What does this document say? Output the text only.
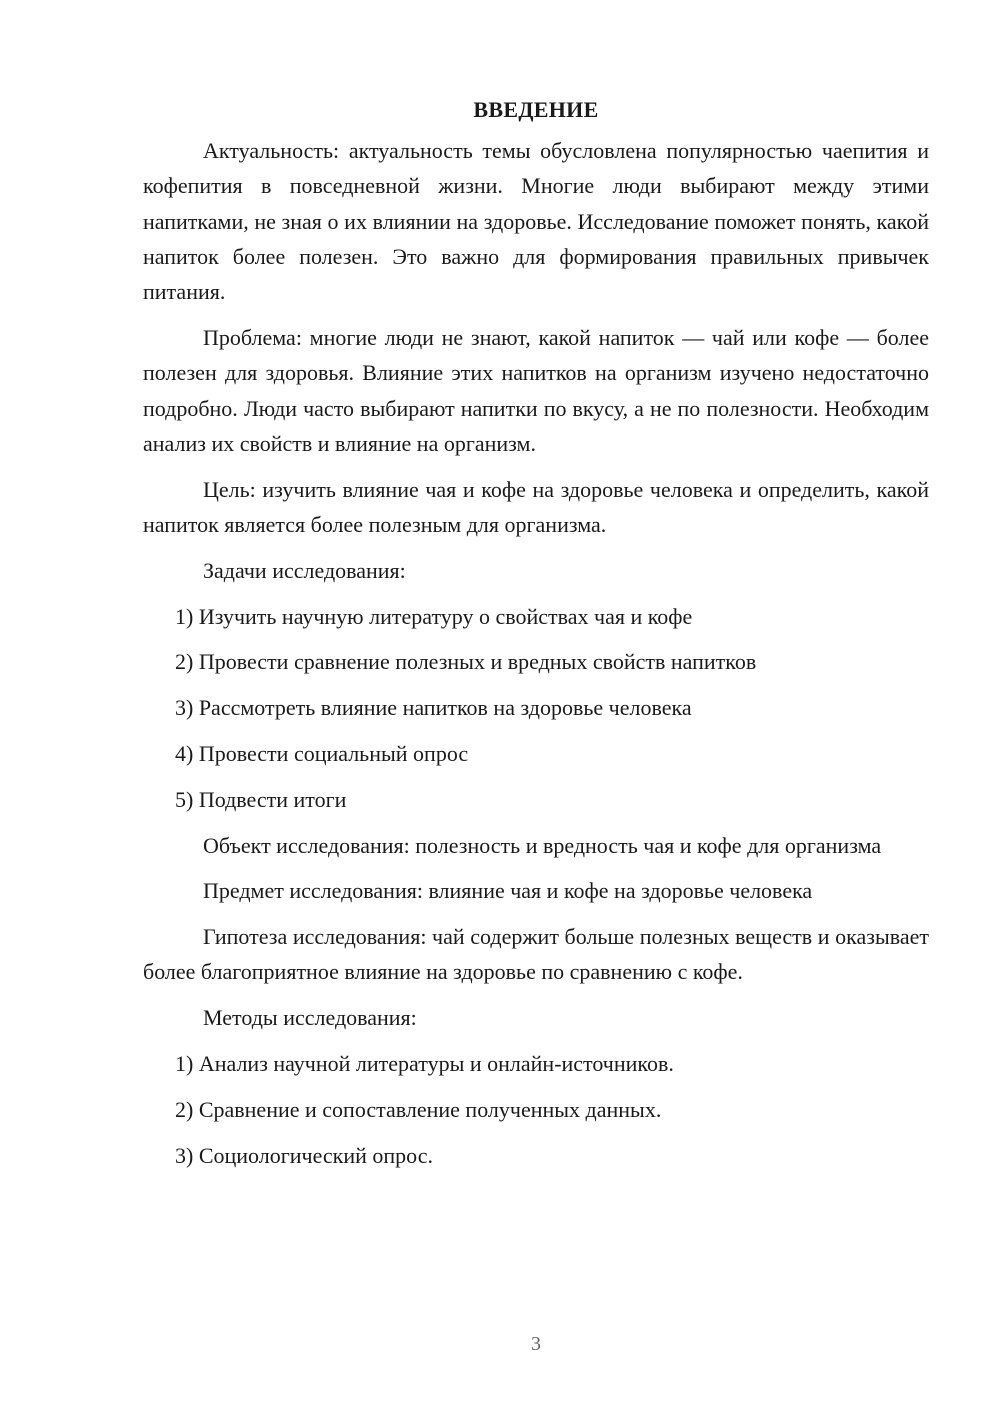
ВВЕДЕНИЕ

Актуальность: актуальность темы обусловлена популярностью чаепития и кофепития в повседневной жизни. Многие люди выбирают между этими напитками, не зная о их влиянии на здоровье. Исследование поможет понять, какой напиток более полезен. Это важно для формирования правильных привычек питания.

Проблема: многие люди не знают, какой напиток — чай или кофе — более полезен для здоровья. Влияние этих напитков на организм изучено недостаточно подробно. Люди часто выбирают напитки по вкусу, а не по полезности. Необходим анализ их свойств и влияние на организм.

Цель: изучить влияние чая и кофе на здоровье человека и определить, какой напиток является более полезным для организма.

Задачи исследования:

1) Изучить научную литературу о свойствах чая и кофе
2) Провести сравнение полезных и вредных свойств напитков
3) Рассмотреть влияние напитков на здоровье человека
4) Провести социальный опрос
5) Подвести итоги

Объект исследования: полезность и вредность чая и кофе для организма

Предмет исследования: влияние чая и кофе на здоровье человека

Гипотеза исследования: чай содержит больше полезных веществ и оказывает более благоприятное влияние на здоровье по сравнению с кофе.

Методы исследования:

1) Анализ научной литературы и онлайн-источников.
2) Сравнение и сопоставление полученных данных.
3) Социологический опрос.
3
